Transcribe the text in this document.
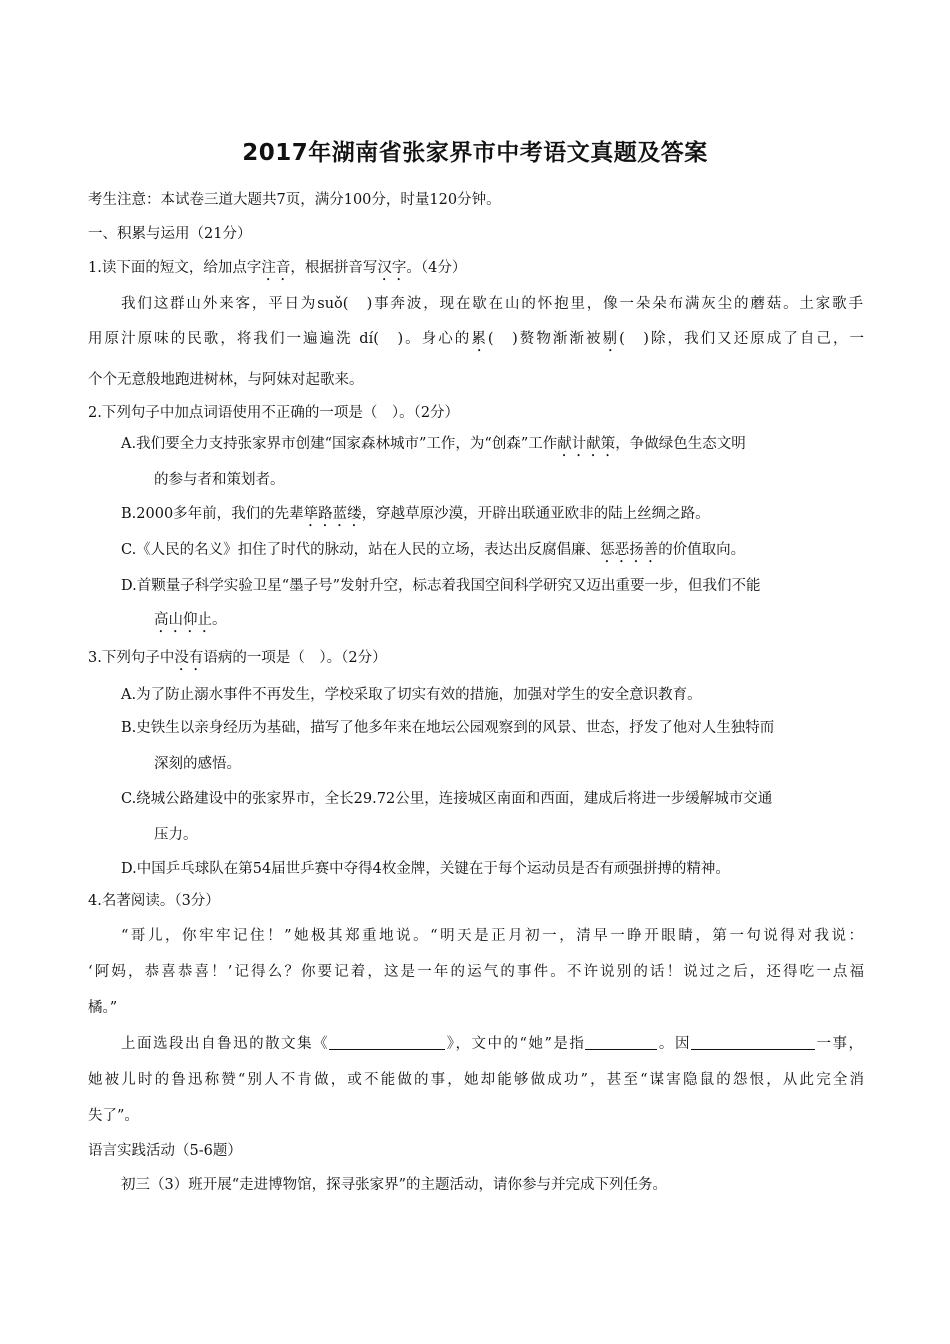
2017年湖南省张家界市中考语文真题及答案
考生注意：本试卷三道大题共7页，满分100分，时量120分钟。
一、积累与运用（21分）
1.读下面的短文，给加点字注音，根据拼音写汉字。（4分）
我们这群山外来客，平日为suǒ(　)事奔波，现在歇在山的怀抱里，像一朵朵布满灰尘的蘑菇。土家歌手
用原汁原味的民歌，将我们一遍遍洗 dí(　)。身心的累(　)赘物渐渐被剔(　)除，我们又还原成了自己，一
个个无意般地跑进树林，与阿妹对起歌来。
2.下列句子中加点词语使用不正确的一项是（　）。（2分）
A.我们要全力支持张家界市创建“国家森林城市”工作，为“创森”工作献计献策，争做绿色生态文明
的参与者和策划者。
B.2000多年前，我们的先辈筚路蓝缕，穿越草原沙漠，开辟出联通亚欧非的陆上丝绸之路。
C.《人民的名义》扣住了时代的脉动，站在人民的立场，表达出反腐倡廉、惩恶扬善的价值取向。
D.首颗量子科学实验卫星“墨子号”发射升空，标志着我国空间科学研究又迈出重要一步，但我们不能
高山仰止。
3.下列句子中没有语病的一项是（　）。（2分）
A.为了防止溺水事件不再发生，学校采取了切实有效的措施，加强对学生的安全意识教育。
B.史铁生以亲身经历为基础，描写了他多年来在地坛公园观察到的风景、世态，抒发了他对人生独特而
深刻的感悟。
C.绕城公路建设中的张家界市，全长29.72公里，连接城区南面和西面，建成后将进一步缓解城市交通
压力。
D.中国乒乓球队在第54届世乒赛中夺得4枚金牌，关键在于每个运动员是否有顽强拼搏的精神。
4.名著阅读。（3分）
“哥儿，你牢牢记住！”她极其郑重地说。“明天是正月初一，清早一睁开眼睛，第一句说得对我说：
‘阿妈，恭喜恭喜！’记得么？你要记着，这是一年的运气的事件。不许说别的话！说过之后，还得吃一点福
橘。”
上面选段出自鲁迅的散文集《	》，文中的“她”是指	。因	一事，
她被儿时的鲁迅称赞“别人不肯做，或不能做的事，她却能够做成功”，甚至“谋害隐鼠的怨恨，从此完全消
失了”。
语言实践活动（5-6题）
初三（3）班开展“走进博物馆，探寻张家界”的主题活动，请你参与并完成下列任务。
